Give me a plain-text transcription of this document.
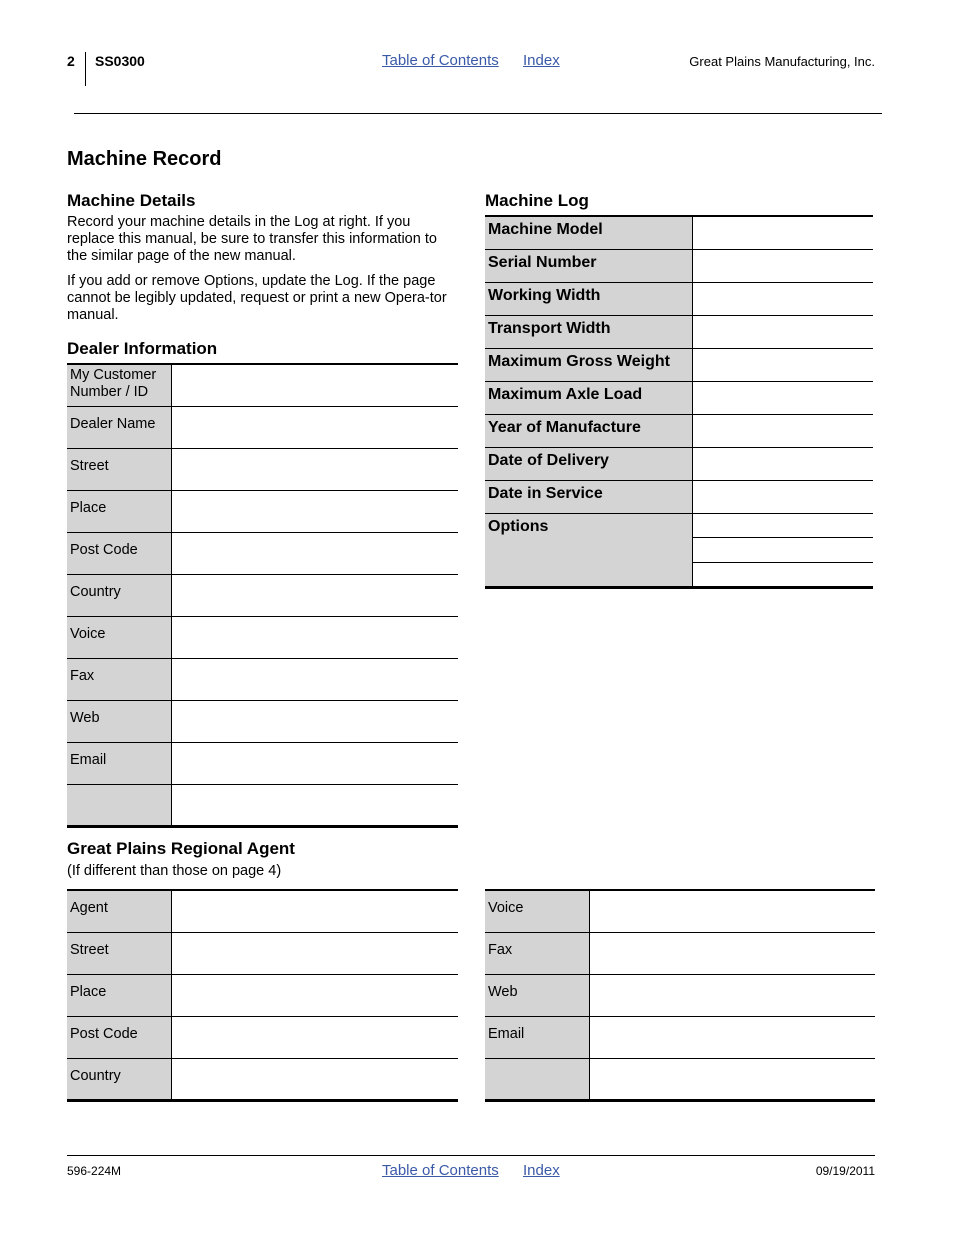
2 SS0300	Table of Contents Index	Great Plains Manufacturing, Inc.
Machine Record
Machine Details
Record your machine details in the Log at right. If you replace this manual, be sure to transfer this information to the similar page of the new manual.
If you add or remove Options, update the Log. If the page cannot be legibly updated, request or print a new Opera-tor manual.
Dealer Information
My Customer Number / ID	
Dealer Name	
Street	
Place	
Post Code	
Country	
Voice	
Fax	
Web	
Email	

Machine Log
Machine Model	
Serial Number	
Working Width	
Transport Width	
Maximum Gross Weight	
Maximum Axle Load	
Year of Manufacture	
Date of Delivery	
Date in Service	
Options	
Great Plains Regional Agent
(If different than those on page 4)
Agent	
Street	
Place	
Post Code	
Country	
Voice	
Fax	
Web	
Email	

596-224M	Table of Contents Index	09/19/2011
